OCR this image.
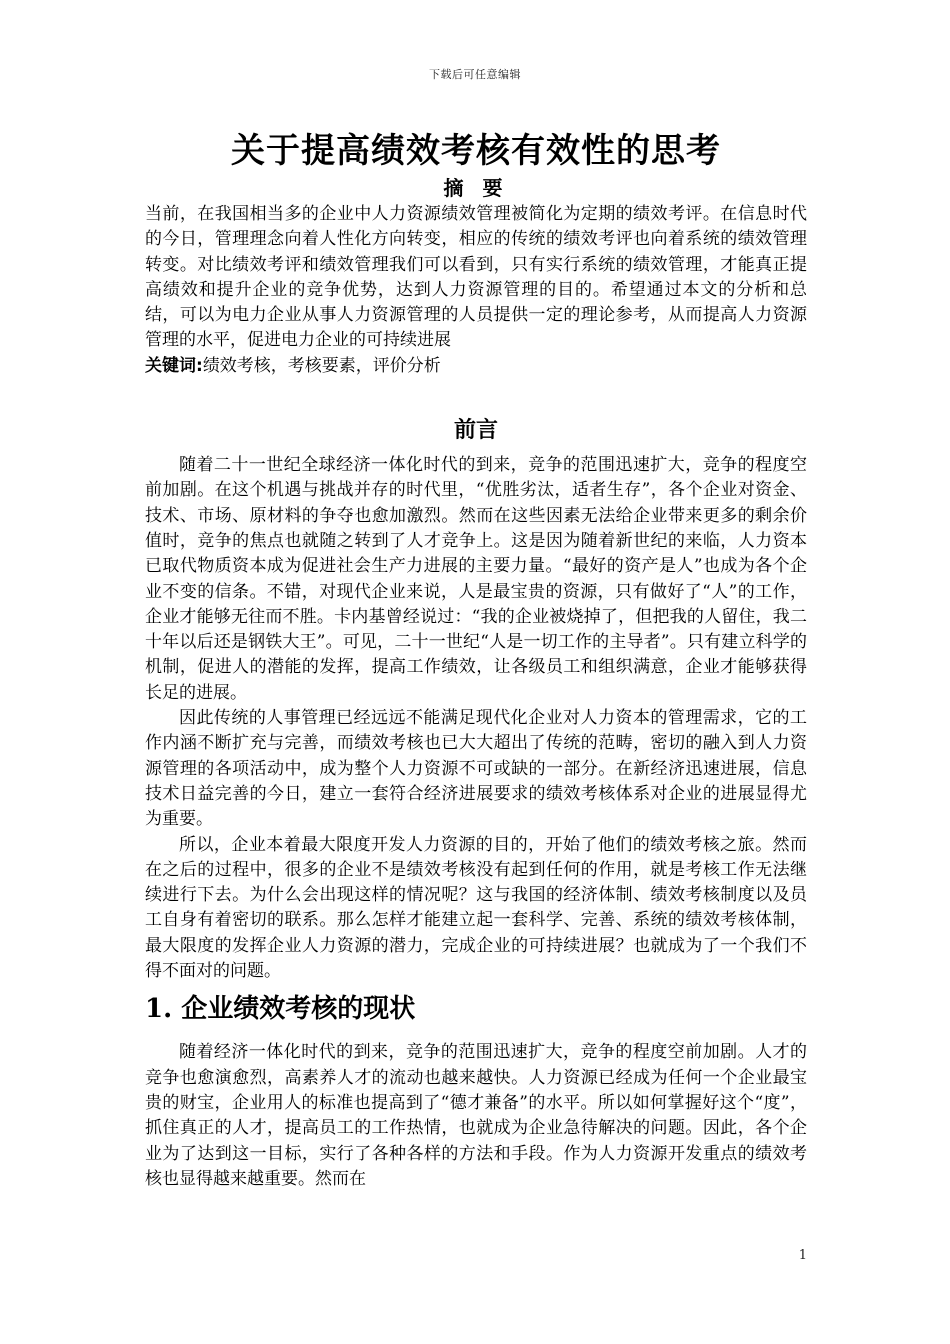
下载后可任意编辑
关于提高绩效考核有效性的思考
摘 要

当前，在我国相当多的企业中人力资源绩效管理被简化为定期的绩效考评。在信息时代的今日，管理理念向着人性化方向转变，相应的传统的绩效考评也向着系统的绩效管理转变。对比绩效考评和绩效管理我们可以看到，只有实行系统的绩效管理，才能真正提高绩效和提升企业的竞争优势，达到人力资源管理的目的。希望通过本文的分析和总结，可以为电力企业从事人力资源管理的人员提供一定的理论参考，从而提高人力资源管理的水平，促进电力企业的可持续进展

关键词:绩效考核，考核要素，评价分析

前言

随着二十一世纪全球经济一体化时代的到来，竞争的范围迅速扩大，竞争的程度空前加剧。在这个机遇与挑战并存的时代里，“优胜劣汰，适者生存”，各个企业对资金、技术、市场、原材料的争夺也愈加激烈。然而在这些因素无法给企业带来更多的剩余价值时，竞争的焦点也就随之转到了人才竞争上。这是因为随着新世纪的来临，人力资本已取代物质资本成为促进社会生产力进展的主要力量。“最好的资产是人”也成为各个企业不变的信条。不错，对现代企业来说，人是最宝贵的资源，只有做好了“人”的工作，企业才能够无往而不胜。卡内基曾经说过：“我的企业被烧掉了，但把我的人留住，我二十年以后还是钢铁大王”。可见，二十一世纪“人是一切工作的主导者”。只有建立科学的机制，促进人的潜能的发挥，提高工作绩效，让各级员工和组织满意，企业才能够获得长足的进展。

因此传统的人事管理已经远远不能满足现代化企业对人力资本的管理需求，它的工作内涵不断扩充与完善，而绩效考核也已大大超出了传统的范畴，密切的融入到人力资源管理的各项活动中，成为整个人力资源不可或缺的一部分。在新经济迅速进展，信息技术日益完善的今日，建立一套符合经济进展要求的绩效考核体系对企业的进展显得尤为重要。

所以，企业本着最大限度开发人力资源的目的，开始了他们的绩效考核之旅。然而在之后的过程中，很多的企业不是绩效考核没有起到任何的作用，就是考核工作无法继续进行下去。为什么会出现这样的情况呢？这与我国的经济体制、绩效考核制度以及员工自身有着密切的联系。那么怎样才能建立起一套科学、完善、系统的绩效考核体制，最大限度的发挥企业人力资源的潜力，完成企业的可持续进展？也就成为了一个我们不得不面对的问题。

1. 企业绩效考核的现状

随着经济一体化时代的到来，竞争的范围迅速扩大，竞争的程度空前加剧。人才的竞争也愈演愈烈，高素养人才的流动也越来越快。人力资源已经成为任何一个企业最宝贵的财宝，企业用人的标准也提高到了“德才兼备”的水平。所以如何掌握好这个“度”，抓住真正的人才，提高员工的工作热情，也就成为企业急待解决的问题。因此，各个企业为了达到这一目标，实行了各种各样的方法和手段。作为人力资源开发重点的绩效考核也显得越来越重要。然而在

1
